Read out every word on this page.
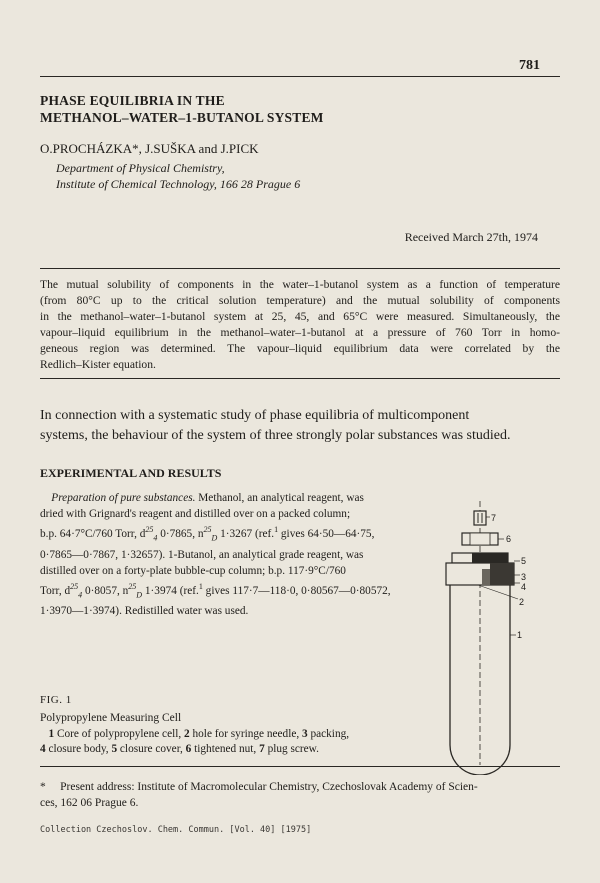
781
PHASE EQUILIBRIA IN THE
METHANOL–WATER–1-BUTANOL SYSTEM
O.PROCHÁZKA*, J.SUŠKA and J.PICK
Department of Physical Chemistry,
Institute of Chemical Technology, 166 28 Prague 6
Received March 27th, 1974
The mutual solubility of components in the water–1-butanol system as a function of temperature
(from 80°C up to the critical solution temperature) and the mutual solubility of components
in the methanol–water–1-butanol system at 25, 45, and 65°C were measured. Simultaneously, the
vapour–liquid equilibrium in the methanol–water–1-butanol at a pressure of 760 Torr in homo-
geneous region was determined. The vapour–liquid equilibrium data were correlated by the
Redlich–Kister equation.
In connection with a systematic study of phase equilibria of multicomponent
systems, the behaviour of the system of three strongly polar substances was studied.
EXPERIMENTAL AND RESULTS
Preparation of pure substances. Methanol, an analytical reagent, was
dried with Grignard's reagent and distilled over on a packed column;
b.p. 64·7°C/760 Torr, $d^{25}_4$ 0·7865, $n^{25}_D$ 1·3267 (ref.$^1$ gives 64·50—64·75,
0·7865—0·7867, 1·32657). 1-Butanol, an analytical grade reagent, was
distilled over on a forty-plate bubble-cup column; b.p. 117·9°C/760
Torr, $d^{25}_4$ 0·8057, $n^{25}_D$ 1·3974 (ref.$^1$ gives 117·7—118·0, 0·80567—0·80572,
1·3970—1·3974). Redistilled water was used.
7
6
5
3
4
2
1
FIG. 1
Polypropylene Measuring Cell
1 Core of polypropylene cell, 2 hole for syringe needle, 3 packing,
4 closure body, 5 closure cover, 6 tightened nut, 7 plug screw.
*     Present address: Institute of Macromolecular Chemistry, Czechoslovak Academy of Scien-
ces, 162 06 Prague 6.
Collection Czechoslov. Chem. Commun. [Vol. 40] [1975]
